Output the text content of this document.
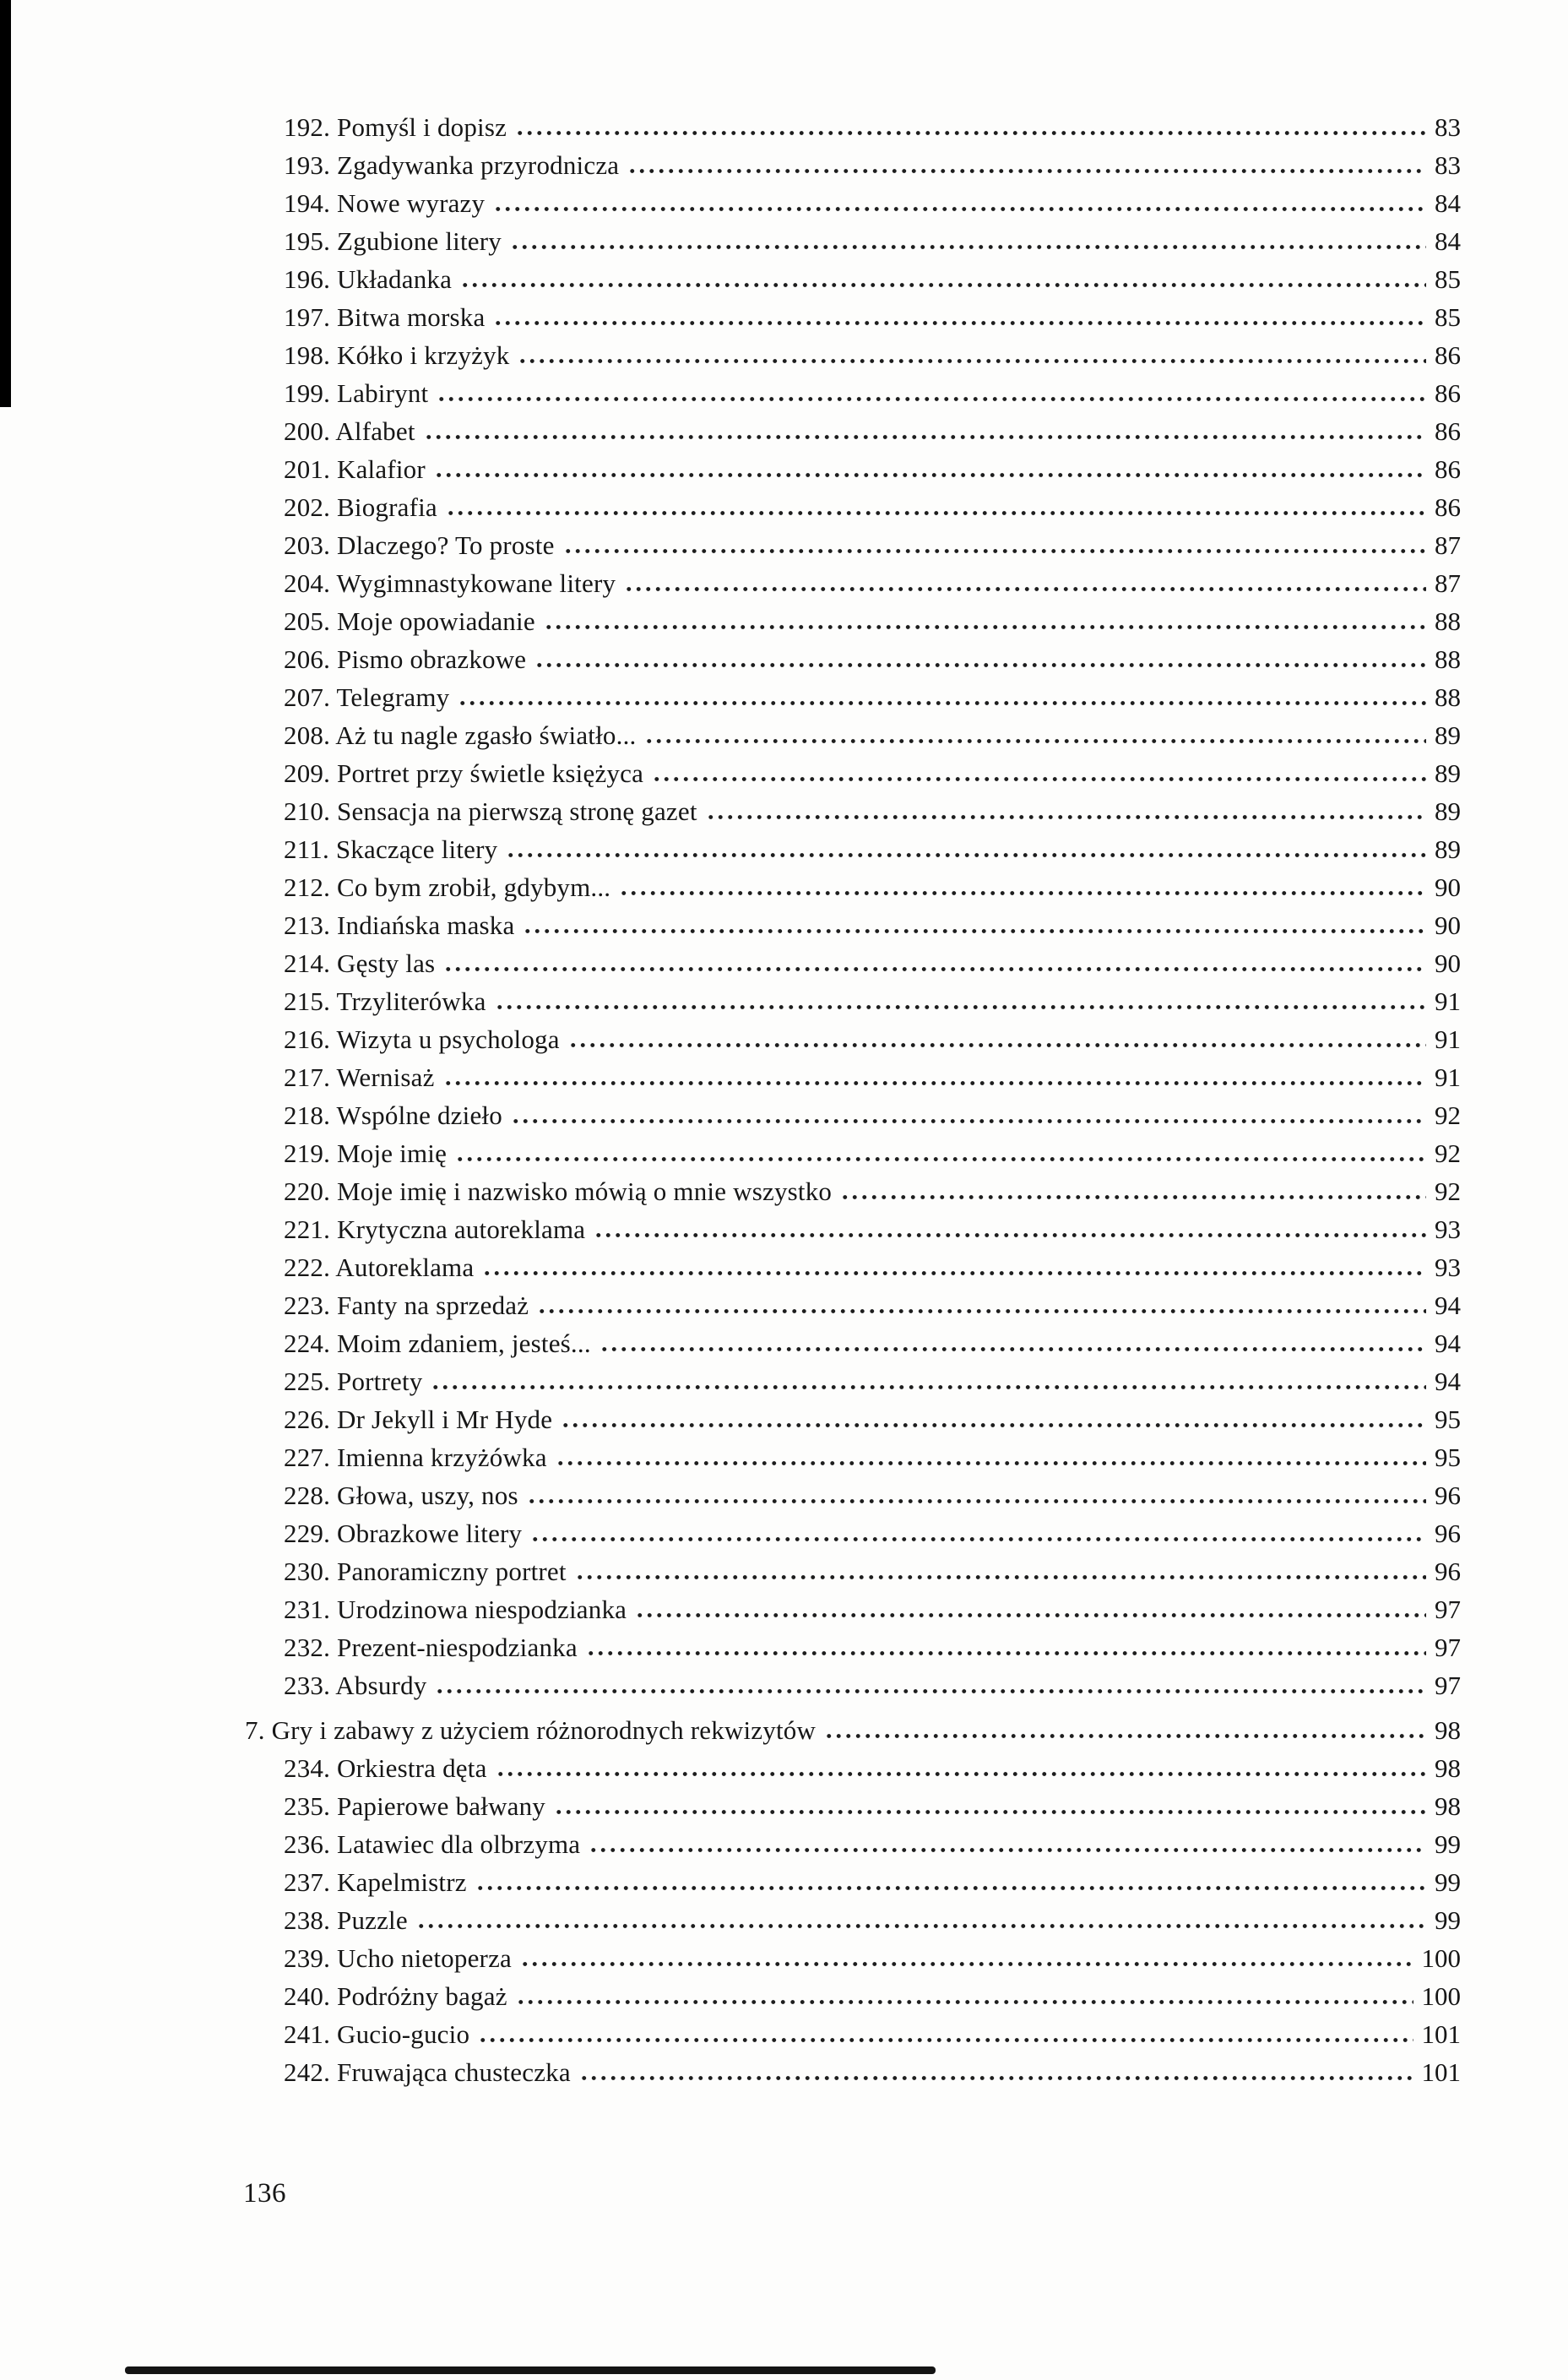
192. Pomyśl i dopisz	83
193. Zgadywanka przyrodnicza	83
194. Nowe wyrazy	84
195. Zgubione litery	84
196. Układanka	85
197. Bitwa morska	85
198. Kółko i krzyżyk	86
199. Labirynt	86
200. Alfabet	86
201. Kalafior	86
202. Biografia	86
203. Dlaczego? To proste	87
204. Wygimnastykowane litery	87
205. Moje opowiadanie	88
206. Pismo obrazkowe	88
207. Telegramy	88
208. Aż tu nagle zgasło światło...	89
209. Portret przy świetle księżyca	89
210. Sensacja na pierwszą stronę gazet	89
211. Skaczące litery	89
212. Co bym zrobił, gdybym...	90
213. Indiańska maska	90
214. Gęsty las	90
215. Trzyliterówka	91
216. Wizyta u psychologa	91
217. Wernisaż	91
218. Wspólne dzieło	92
219. Moje imię	92
220. Moje imię i nazwisko mówią o mnie wszystko	92
221. Krytyczna autoreklama	93
222. Autoreklama	93
223. Fanty na sprzedaż	94
224. Moim zdaniem, jesteś...	94
225. Portrety	94
226. Dr Jekyll i Mr Hyde	95
227. Imienna krzyżówka	95
228. Głowa, uszy, nos	96
229. Obrazkowe litery	96
230. Panoramiczny portret	96
231. Urodzinowa niespodzianka	97
232. Prezent-niespodzianka	97
233. Absurdy	97
7. Gry i zabawy z użyciem różnorodnych rekwizytów	98
234. Orkiestra dęta	98
235. Papierowe bałwany	98
236. Latawiec dla olbrzyma	99
237. Kapelmistrz	99
238. Puzzle	99
239. Ucho nietoperza	100
240. Podróżny bagaż	100
241. Gucio-gucio	101
242. Fruwająca chusteczka	101
136
